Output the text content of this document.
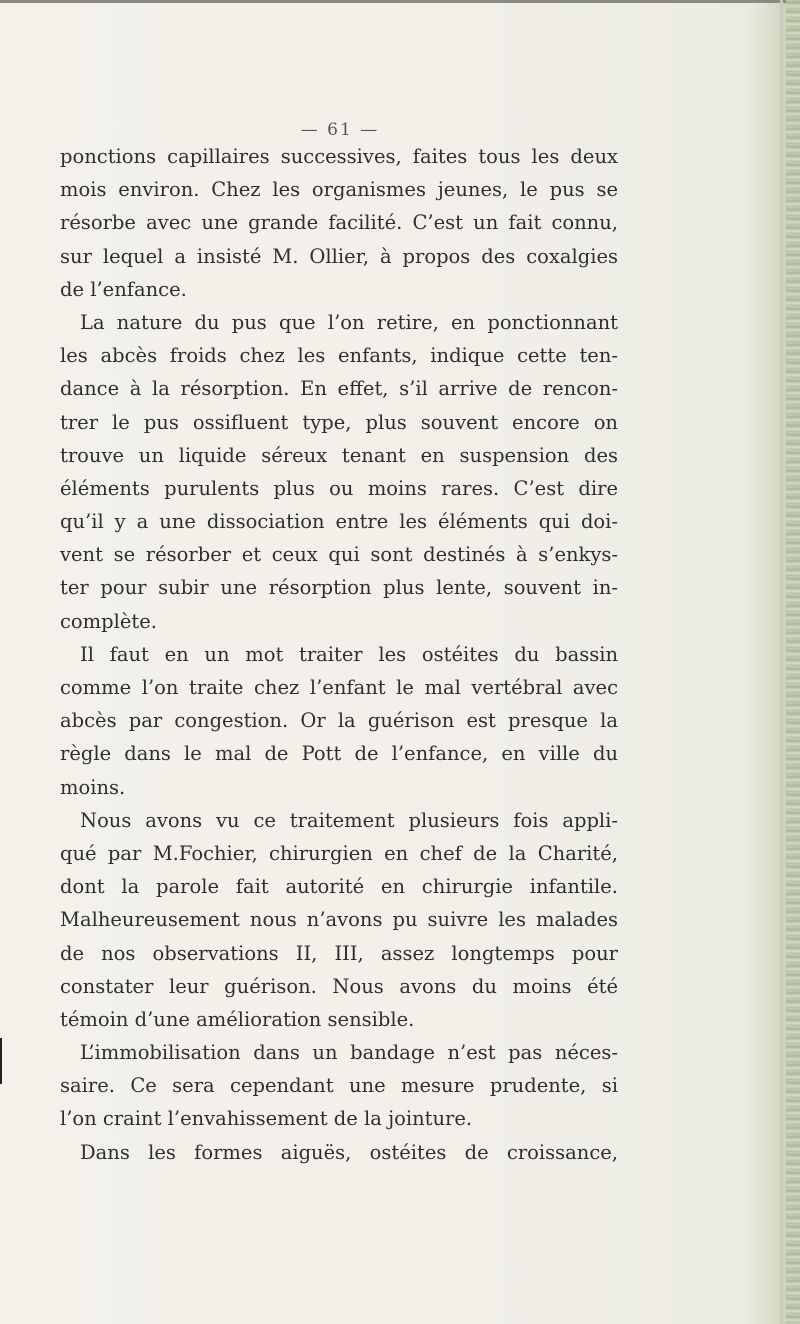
— 61 —
ponctions capillaires successives, faites tous les deux
mois environ. Chez les organismes jeunes, le pus se
résorbe avec une grande facilité. C’est un fait connu,
sur lequel a insisté M. Ollier, à propos des coxalgies
de l’enfance.
La nature du pus que l’on retire, en ponctionnant
les abcès froids chez les enfants, indique cette ten-
dance à la résorption. En effet, s’il arrive de rencon-
trer le pus ossifluent type, plus souvent encore on
trouve un liquide séreux tenant en suspension des
éléments purulents plus ou moins rares. C’est dire
qu’il y a une dissociation entre les éléments qui doi-
vent se résorber et ceux qui sont destinés à s’enkys-
ter pour subir une résorption plus lente, souvent in-
complète.
Il faut en un mot traiter les ostéites du bassin
comme l’on traite chez l’enfant le mal vertébral avec
abcès par congestion. Or la guérison est presque la
règle dans le mal de Pott de l’enfance, en ville du
moins.
Nous avons vu ce traitement plusieurs fois appli-
qué par M.Fochier, chirurgien en chef de la Charité,
dont la parole fait autorité en chirurgie infantile.
Malheureusement nous n’avons pu suivre les malades
de nos observations II, III, assez longtemps pour
constater leur guérison. Nous avons du moins été
témoin d’une amélioration sensible.
L’immobilisation dans un bandage n’est pas néces-
saire. Ce sera cependant une mesure prudente, si
l’on craint l’envahissement de la jointure.
Dans les formes aiguës, ostéites de croissance,
